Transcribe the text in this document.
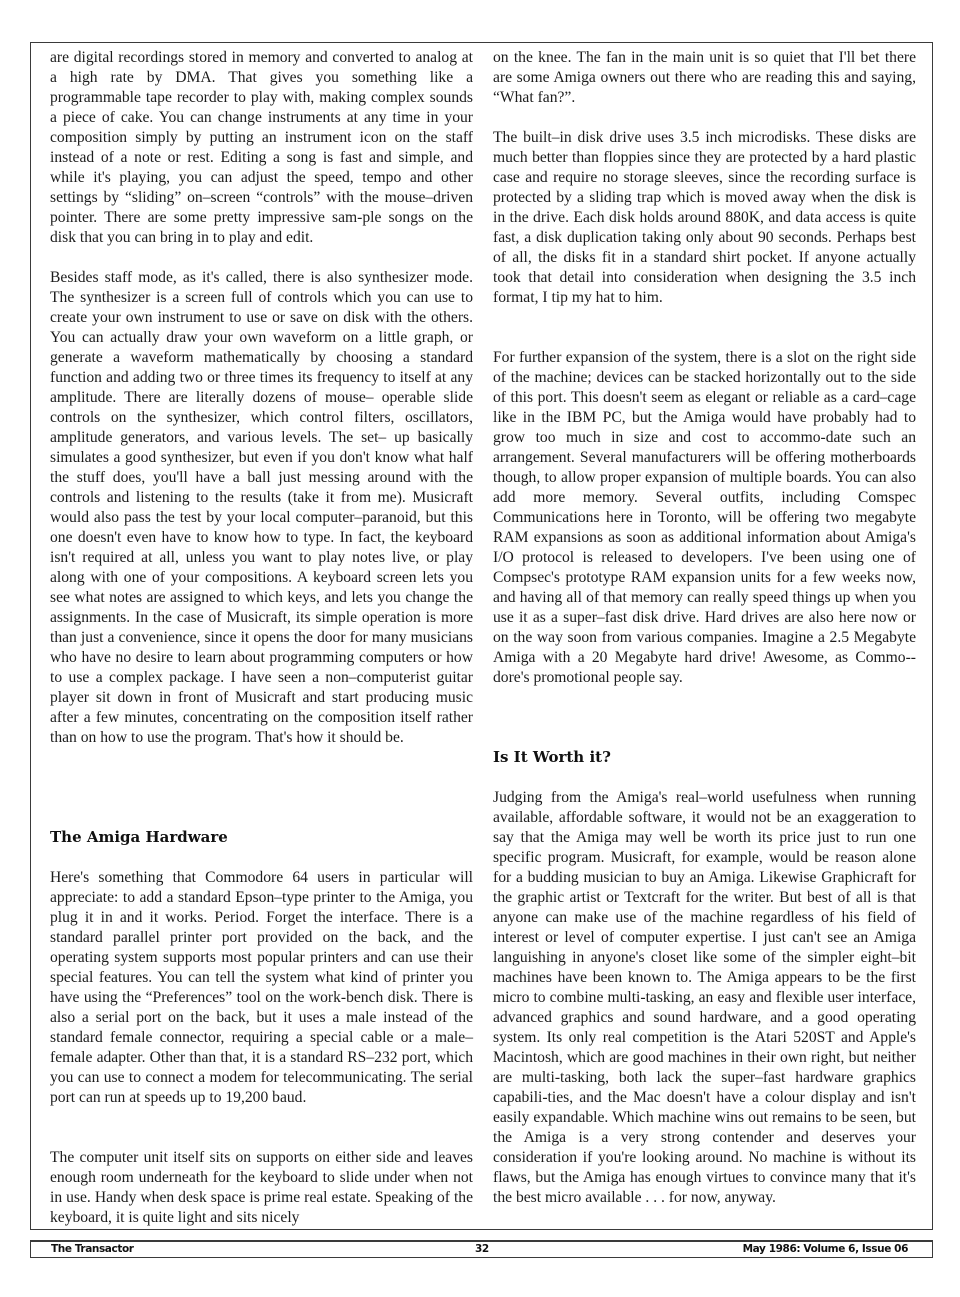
are digital recordings stored in memory and converted to analog at a high rate by DMA. That gives you something like a programmable tape recorder to play with, making complex sounds a piece of cake. You can change instruments at any time in your composition simply by putting an instrument icon on the staff instead of a note or rest. Editing a song is fast and simple, and while it's playing, you can adjust the speed, tempo and other settings by “sliding” on–screen “controls” with the mouse–driven pointer. There are some pretty impressive sam-ple songs on the disk that you can bring in to play and edit.

Besides staff mode, as it's called, there is also synthesizer mode. The synthesizer is a screen full of controls which you can use to create your own instrument to use or save on disk with the others. You can actually draw your own waveform on a little graph, or generate a waveform mathematically by choosing a standard function and adding two or three times its frequency to itself at any amplitude. There are literally dozens of mouse– operable slide controls on the synthesizer, which control filters, oscillators, amplitude generators, and various levels. The set– up basically simulates a good synthesizer, but even if you don't know what half the stuff does, you'll have a ball just messing around with the controls and listening to the results (take it from me). Musicraft would also pass the test by your local computer–paranoid, but this one doesn't even have to know how to type. In fact, the keyboard isn't required at all, unless you want to play notes live, or play along with one of your compositions. A keyboard screen lets you see what notes are assigned to which keys, and lets you change the assignments. In the case of Musicraft, its simple operation is more than just a convenience, since it opens the door for many musicians who have no desire to learn about programming computers or how to use a complex package. I have seen a non–computerist guitar player sit down in front of Musicraft and start producing music after a few minutes, concentrating on the composition itself rather than on how to use the program. That's how it should be.

The Amiga Hardware

Here's something that Commodore 64 users in particular will appreciate: to add a standard Epson–type printer to the Amiga, you plug it in and it works. Period. Forget the interface. There is a standard parallel printer port provided on the back, and the operating system supports most popular printers and can use their special features. You can tell the system what kind of printer you have using the “Preferences” tool on the work-bench disk. There is also a serial port on the back, but it uses a male instead of the standard female connector, requiring a special cable or a male–female adapter. Other than that, it is a standard RS–232 port, which you can use to connect a modem for telecommunicating. The serial port can run at speeds up to 19,200 baud.

The computer unit itself sits on supports on either side and leaves enough room underneath for the keyboard to slide under when not in use. Handy when desk space is prime real estate. Speaking of the keyboard, it is quite light and sits nicely

on the knee. The fan in the main unit is so quiet that I'll bet there are some Amiga owners out there who are reading this and saying, “What fan?”.

The built–in disk drive uses 3.5 inch microdisks. These disks are much better than floppies since they are protected by a hard plastic case and require no storage sleeves, since the recording surface is protected by a sliding trap which is moved away when the disk is in the drive. Each disk holds around 880K, and data access is quite fast, a disk duplication taking only about 90 seconds. Perhaps best of all, the disks fit in a standard shirt pocket. If anyone actually took that detail into consideration when designing the 3.5 inch format, I tip my hat to him.

For further expansion of the system, there is a slot on the right side of the machine; devices can be stacked horizontally out to the side of this port. This doesn't seem as elegant or reliable as a card–cage like in the IBM PC, but the Amiga would have probably had to grow too much in size and cost to accommo-date such an arrangement. Several manufacturers will be offering motherboards though, to allow proper expansion of multiple boards. You can also add more memory. Several outfits, including Comspec Communications here in Toronto, will be offering two megabyte RAM expansions as soon as additional information about Amiga's I/O protocol is released to developers. I've been using one of Compsec's prototype RAM expansion units for a few weeks now, and having all of that memory can really speed things up when you use it as a super–fast disk drive. Hard drives are also here now or on the way soon from various companies. Imagine a 2.5 Megabyte Amiga with a 20 Megabyte hard drive! Awesome, as Commo-dore's promotional people say.

Is It Worth it?

Judging from the Amiga's real–world usefulness when running available, affordable software, it would not be an exaggeration to say that the Amiga may well be worth its price just to run one specific program. Musicraft, for example, would be reason alone for a budding musician to buy an Amiga. Likewise Graphicraft for the graphic artist or Textcraft for the writer. But best of all is that anyone can make use of the machine regardless of his field of interest or level of computer expertise. I just can't see an Amiga languishing in anyone's closet like some of the simpler eight–bit machines have been known to. The Amiga appears to be the first micro to combine multi-tasking, an easy and flexible user interface, advanced graphics and sound hardware, and a good operating system. Its only real competition is the Atari 520ST and Apple's Macintosh, which are good machines in their own right, but neither are multi-tasking, both lack the super–fast hardware graphics capabili-ties, and the Mac doesn't have a colour display and isn't easily expandable. Which machine wins out remains to be seen, but the Amiga is a very strong contender and deserves your consideration if you're looking around. No machine is without its flaws, but the Amiga has enough virtues to convince many that it's the best micro available . . . for now, anyway.

The Transactor	32	May 1986: Volume 6, Issue 06
